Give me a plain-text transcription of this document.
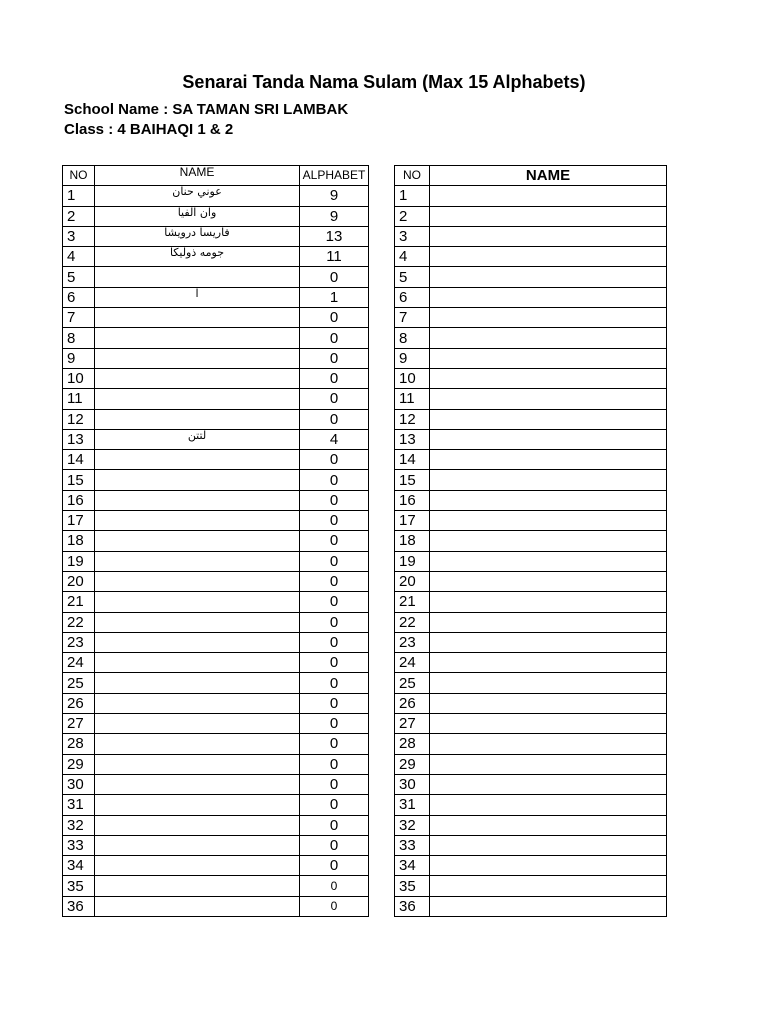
Senarai Tanda Nama Sulam (Max 15 Alphabets)
School Name : SA TAMAN SRI LAMBAK
Class : 4 BAIHAQI 1 & 2
NO	NAME	ALPHABET
1	عوني حنان	9
2	وان الفيا	9
3	فاريسا درويشا	13
4	جومه ذوليكا	11
5		0
6	ا	1
7		0
8		0
9		0
10		0
11		0
12		0
13	لتتن	4
14		0
15		0
16		0
17		0
18		0
19		0
20		0
21		0
22		0
23		0
24		0
25		0
26		0
27		0
28		0
29		0
30		0
31		0
32		0
33		0
34		0
35		0
36		0
NO	NAME
1	
2	
3	
4	
5	
6	
7	
8	
9	
10	
11	
12	
13	
14	
15	
16	
17	
18	
19	
20	
21	
22	
23	
24	
25	
26	
27	
28	
29	
30	
31	
32	
33	
34	
35	
36	
